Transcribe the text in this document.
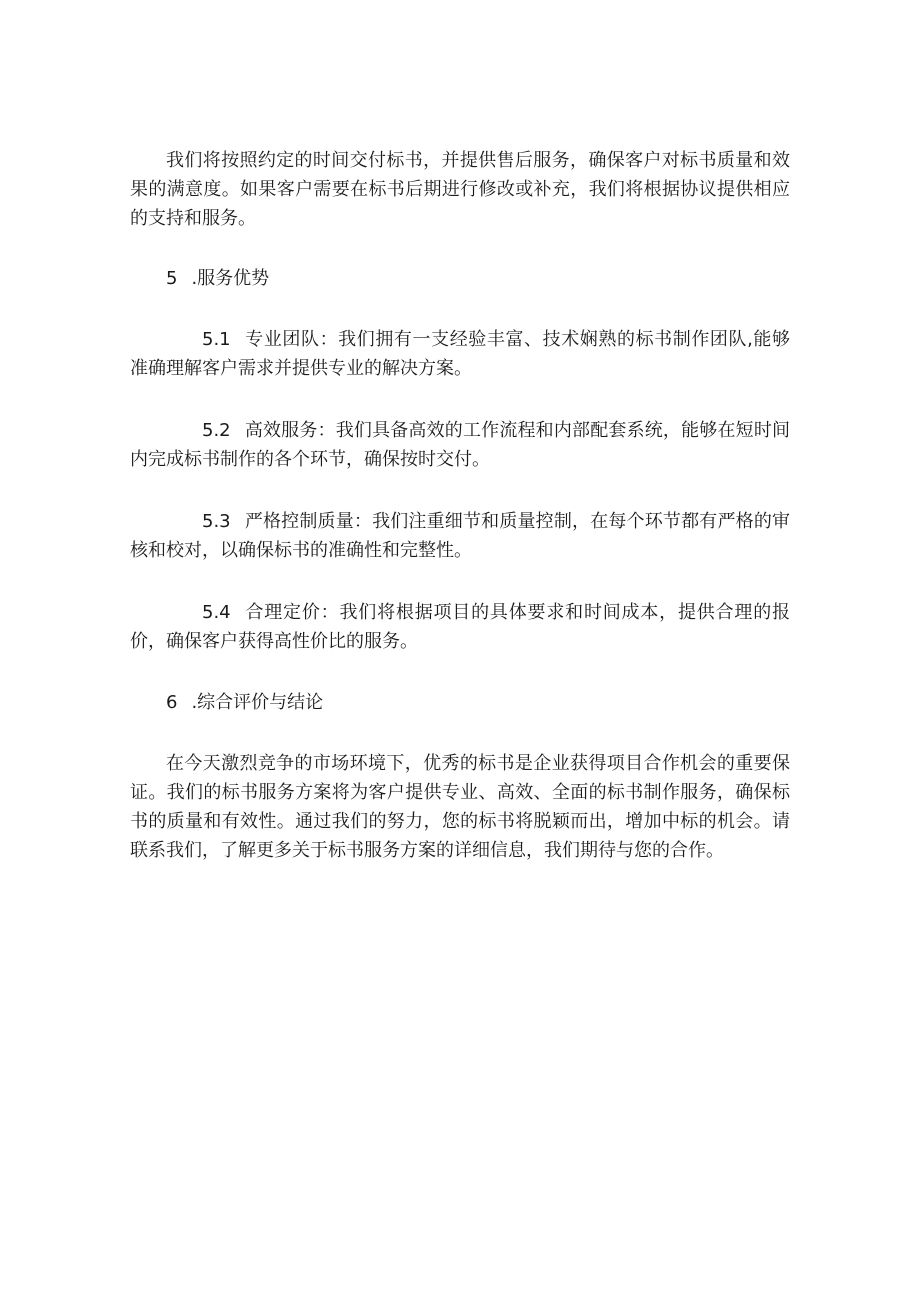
我们将按照约定的时间交付标书，并提供售后服务，确保客户对标书质量和效果的满意度。如果客户需要在标书后期进行修改或补充，我们将根据协议提供相应的支持和服务。

5 .服务优势

5.1 专业团队：我们拥有一支经验丰富、技术娴熟的标书制作团队,能够准确理解客户需求并提供专业的解决方案。

5.2 高效服务：我们具备高效的工作流程和内部配套系统，能够在短时间内完成标书制作的各个环节，确保按时交付。

5.3 严格控制质量：我们注重细节和质量控制，在每个环节都有严格的审核和校对，以确保标书的准确性和完整性。

5.4 合理定价：我们将根据项目的具体要求和时间成本，提供合理的报价，确保客户获得高性价比的服务。

6 .综合评价与结论

在今天激烈竞争的市场环境下，优秀的标书是企业获得项目合作机会的重要保证。我们的标书服务方案将为客户提供专业、高效、全面的标书制作服务，确保标书的质量和有效性。通过我们的努力，您的标书将脱颖而出，增加中标的机会。请联系我们，了解更多关于标书服务方案的详细信息，我们期待与您的合作。
